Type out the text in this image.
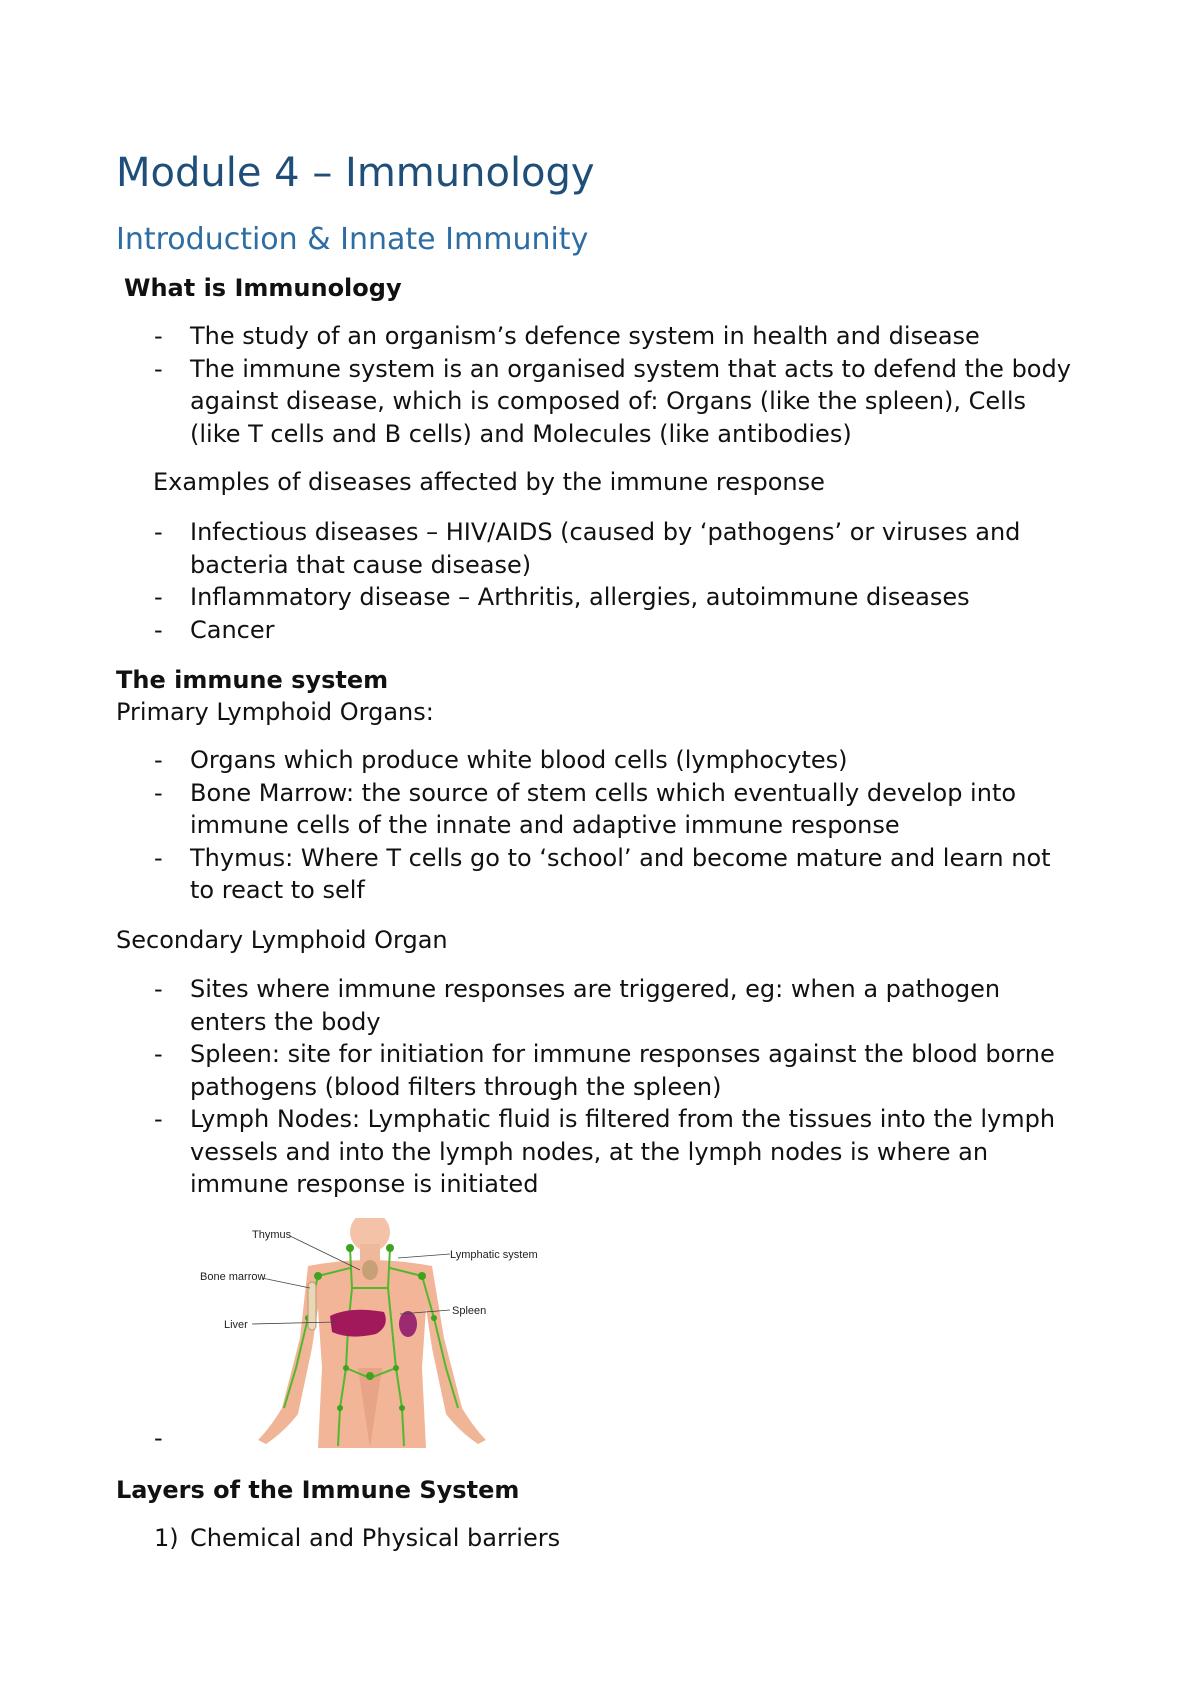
Module 4 – Immunology
Introduction & Innate Immunity
What is Immunology
- The study of an organism’s defence system in health and disease
- The immune system is an organised system that acts to defend the body
against disease, which is composed of: Organs (like the spleen), Cells
(like T cells and B cells) and Molecules (like antibodies)
Examples of diseases affected by the immune response
- Infectious diseases – HIV/AIDS (caused by ‘pathogens’ or viruses and
bacteria that cause disease)
- Inflammatory disease – Arthritis, allergies, autoimmune diseases
- Cancer
The immune system
Primary Lymphoid Organs:
- Organs which produce white blood cells (lymphocytes)
- Bone Marrow: the source of stem cells which eventually develop into
immune cells of the innate and adaptive immune response
- Thymus: Where T cells go to ‘school’ and become mature and learn not
to react to self
Secondary Lymphoid Organ
- Sites where immune responses are triggered, eg: when a pathogen
enters the body
- Spleen: site for initiation for immune responses against the blood borne
pathogens (blood filters through the spleen)
- Lymph Nodes: Lymphatic fluid is filtered from the tissues into the lymph
vessels and into the lymph nodes, at the lymph nodes is where an
immune response is initiated
Thymus
Lymphatic system
Bone marrow
Spleen
Liver
-
Layers of the Immune System
1) Chemical and Physical barriers
